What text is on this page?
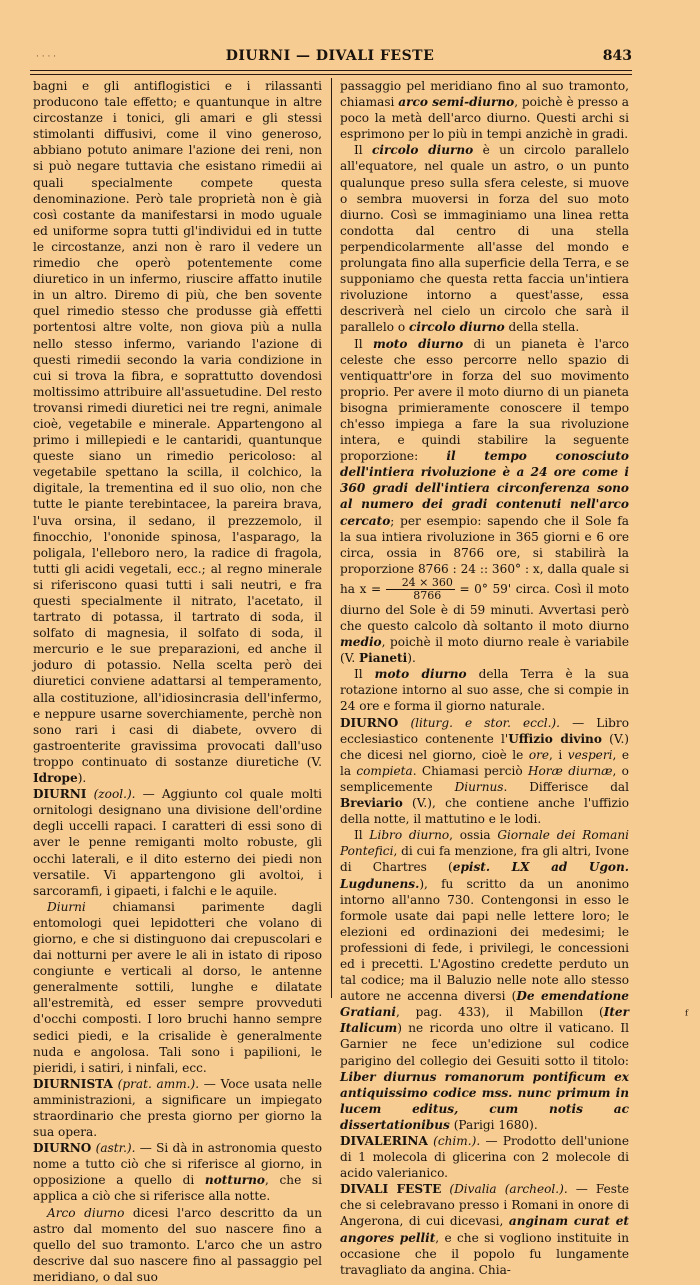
· · · ·	DIURNI — DIVALI FESTE	843

bagni e gli antiflogistici e i rilassanti producono tale effetto; e quantunque in altre circostanze i tonici, gli amari e gli stessi stimolanti diffusivi, come il vino generoso, abbiano potuto animare l'azione dei reni, non si può negare tuttavia che esistano rimedii ai quali specialmente compete questa denominazione. Però tale proprietà non è già così costante da manifestarsi in modo uguale ed uniforme sopra tutti gl'individui ed in tutte le circostanze, anzi non è raro il vedere un rimedio che operò potentemente come diuretico in un infermo, riuscire affatto inutile in un altro. Diremo di più, che ben sovente quel rimedio stesso che produsse già effetti portentosi altre volte, non giova più a nulla nello stesso infermo, variando l'azione di questi rimedii secondo la varia condizione in cui si trova la fibra, e soprattutto dovendosi moltissimo attribuire all'assuetudine. Del resto trovansi rimedi diuretici nei tre regni, animale cioè, vegetabile e minerale. Appartengono al primo i millepiedi e le cantaridi, quantunque queste siano un rimedio pericoloso: al vegetabile spettano la scilla, il colchico, la digitale, la trementina ed il suo olio, non che tutte le piante terebintacee, la pareira brava, l'uva orsina, il sedano, il prezzemolo, il finocchio, l'ononide spinosa, l'asparago, la poligala, l'elleboro nero, la radice di fragola, tutti gli acidi vegetali, ecc.; al regno minerale si riferiscono quasi tutti i sali neutri, e fra questi specialmente il nitrato, l'acetato, il tartrato di potassa, il tartrato di soda, il solfato di magnesia, il solfato di soda, il mercurio e le sue preparazioni, ed anche il joduro di potassio. Nella scelta però dei diuretici conviene adattarsi al temperamento, alla costituzione, all'idiosincrasia dell'infermo, e neppure usarne soverchiamente, perchè non sono rari i casi di diabete, ovvero di gastroenterite gravissima provocati dall'uso troppo continuato di sostanze diuretiche (V. Idrope).

DIURNI (zool.). — Aggiunto col quale molti ornitologi designano una divisione dell'ordine degli uccelli rapaci. I caratteri di essi sono di aver le penne remiganti molto robuste, gli occhi laterali, e il dito esterno dei piedi non versatile. Vi appartengono gli avoltoi, i sarcoramfi, i gipaeti, i falchi e le aquile.

Diurni chiamansi parimente dagli entomologi quei lepidotteri che volano di giorno, e che si distinguono dai crepuscolari e dai notturni per avere le ali in istato di riposo congiunte e verticali al dorso, le antenne generalmente sottili, lunghe e dilatate all'estremità, ed esser sempre provveduti d'occhi composti. I loro bruchi hanno sempre sedici piedi, e la crisalide è generalmente nuda e angolosa. Tali sono i papilioni, le pieridi, i satiri, i ninfali, ecc.

DIURNISTA (prat. amm.). — Voce usata nelle amministrazioni, a significare un impiegato straordinario che presta giorno per giorno la sua opera.

DIURNO (astr.). — Si dà in astronomia questo nome a tutto ciò che si riferisce al giorno, in opposizione a quello di notturno, che si applica a ciò che si riferisce alla notte.

Arco diurno dicesi l'arco descritto da un astro dal momento del suo nascere fino a quello del suo tramonto. L'arco che un astro descrive dal suo nascere fino al passaggio pel meridiano, o dal suo

passaggio pel meridiano fino al suo tramonto, chiamasi arco semi-diurno, poichè è presso a poco la metà dell'arco diurno. Questi archi si esprimono per lo più in tempi anzichè in gradi.

Il circolo diurno è un circolo parallelo all'equatore, nel quale un astro, o un punto qualunque preso sulla sfera celeste, si muove o sembra muoversi in forza del suo moto diurno. Così se immaginiamo una linea retta condotta dal centro di una stella perpendicolarmente all'asse del mondo e prolungata fino alla superficie della Terra, e se supponiamo che questa retta faccia un'intiera rivoluzione intorno a quest'asse, essa descriverà nel cielo un circolo che sarà il parallelo o circolo diurno della stella.

Il moto diurno di un pianeta è l'arco celeste che esso percorre nello spazio di ventiquattr'ore in forza del suo movimento proprio. Per avere il moto diurno di un pianeta bisogna primieramente conoscere il tempo ch'esso impiega a fare la sua rivoluzione intera, e quindi stabilire la seguente proporzione: il tempo conosciuto dell'intiera rivoluzione è a 24 ore come i 360 gradi dell'intiera circonferenza sono al numero dei gradi contenuti nell'arco cercato; per esempio: sapendo che il Sole fa la sua intiera rivoluzione in 365 giorni e 6 ore circa, ossia in 8766 ore, si stabilirà la proporzione 8766 : 24 :: 360° : x, dalla quale si ha $x = \frac{24 \times 360}{8766} = 0^\circ$ 59' circa. Così il moto diurno del Sole è di 59 minuti. Avvertasi però che questo calcolo dà soltanto il moto diurno medio, poichè il moto diurno reale è variabile (V. Pianeti).

Il moto diurno della Terra è la sua rotazione intorno al suo asse, che si compie in 24 ore e forma il giorno naturale.

DIURNO (liturg. e stor. eccl.). — Libro ecclesiastico contenente l'Uffizio divino (V.) che dicesi nel giorno, cioè le ore, i vesperi, e la compieta. Chiamasi perciò Horæ diurnæ, o semplicemente Diurnus. Differisce dal Breviario (V.), che contiene anche l'uffizio della notte, il mattutino e le lodi.

Il Libro diurno, ossia Giornale dei Romani Pontefici, di cui fa menzione, fra gli altri, Ivone di Chartres (epist. LX ad Ugon. Lugdunens.), fu scritto da un anonimo intorno all'anno 730. Contengonsi in esso le formole usate dai papi nelle lettere loro; le elezioni ed ordinazioni dei medesimi; le professioni di fede, i privilegi, le concessioni ed i precetti. L'Agostino credette perduto un tal codice; ma il Baluzio nelle note allo stesso autore ne accenna diversi (De emendatione Gratiani, pag. 433), il Mabillon (Iter Italicum) ne ricorda uno oltre il vaticano. Il Garnier ne fece un'edizione sul codice parigino del collegio dei Gesuiti sotto il titolo: Liber diurnus romanorum pontificum ex antiquissimo codice mss. nunc primum in lucem editus, cum notis ac dissertationibus (Parigi 1680).

DIVALERINA (chim.). — Prodotto dell'unione di 1 molecola di glicerina con 2 molecole di acido valerianico.

DIVALI FESTE (Divalia (archeol.). — Feste che si celebravano presso i Romani in onore di Angerona, di cui dicevasi, anginam curat et angores pellit, e che si vogliono instituite in occasione che il popolo fu lungamente travagliato da angina. Chia-

ᶠ
